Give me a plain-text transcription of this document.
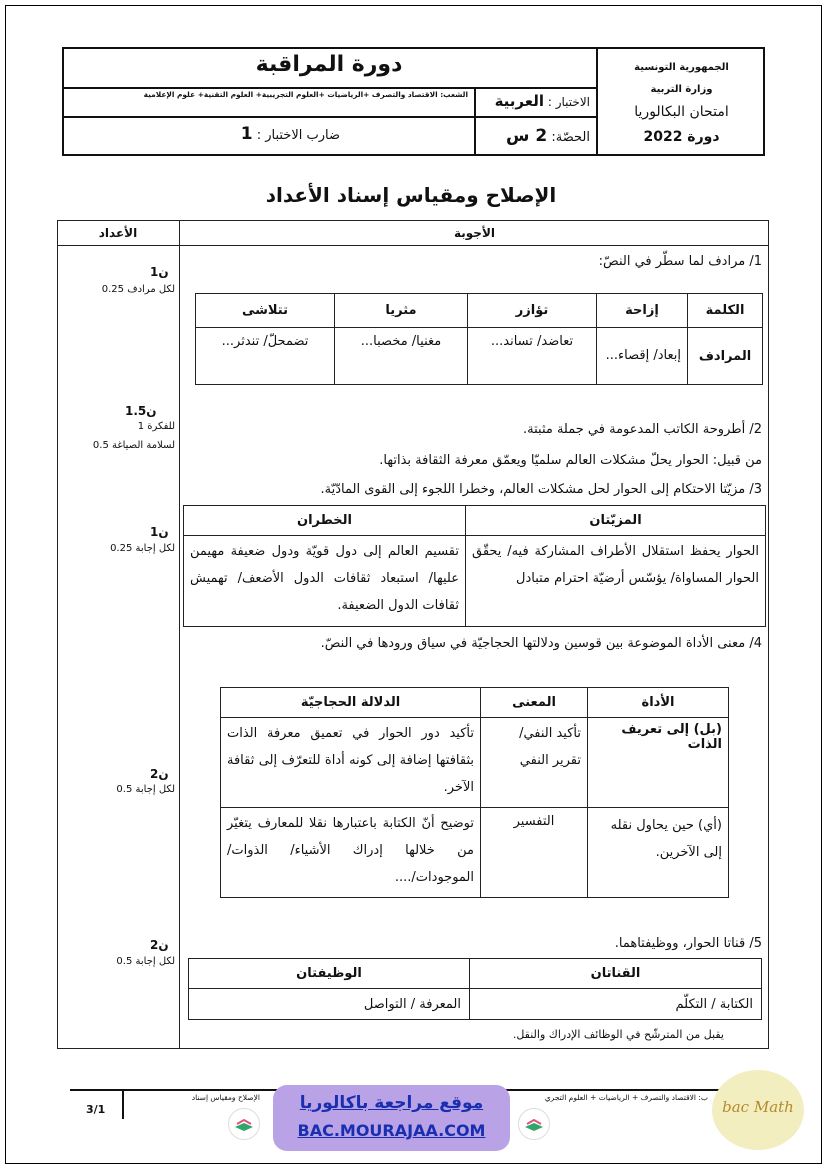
دورة المراقبة	الجمهورية التونسية
وزارة التربية
امتحان البكالوريا
دورة 2022
الشعب: الاقتصاد والتصرف +الرياضيات +العلوم التجريبية+ العلوم التقنية+ علوم الإعلامية
الاختبار : العربية
الحصّة: 2 س
ضارب الاختبار : 1
الإصلاح ومقياس إسناد الأعداد
الأجوبة
الأعداد
1/ مرادف لما سطّر في النصّ:
1ن
0.25 لكل مرادف
الكلمة	إزاحة	تؤازر	مثريا	تتلاشى
المرادف	إبعاد/ إقصاء...	تعاضد/ تساند...	مغنيا/ مخصبا...	تضمحلّ/ تندثر...
1.5ن
1 للفكرة
0.5 لسلامة الصياغة
2/ أطروحة الكاتب المدعومة في جملة مثبتة.
من قبيل: الحوار يحلّ مشكلات العالم سلميّا ويعمّق معرفة الثقافة بذاتها.
3/ مزيّتا الاحتكام إلى الحوار لحل مشكلات العالم، وخطرا اللجوء إلى القوى المادّيّة.
1ن
0.25 لكل إجابة
المزيّتان	الخطران
الحوار يحفظ استقلال الأطراف المشاركة فيه/ يحقّق الحوار المساواة/ يؤسّس أرضيّة احترام متبادل	تقسيم العالم إلى دول قويّة ودول ضعيفة مهيمن عليها/ استبعاد ثقافات الدول الأضعف/ تهميش ثقافات الدول الضعيفة.
4/ معنى الأداة الموضوعة بين قوسين ودلالتها الحجاجيّة في سياق ورودها في النصّ.
2ن
0.5 لكل إجابة
الأداة	المعنى	الدلالة الحجاجيّة
(بل) إلى تعريف الذات	تأكيد النفي/ تقرير النفي	تأكيد دور الحوار في تعميق معرفة الذات بثقافتها إضافة إلى كونه أداة للتعرّف إلى ثقافة الآخر.
(أي) حين يحاول نقله إلى الآخرين.	التفسير	توضيح أنّ الكتابة باعتبارها نقلا للمعارف يتغيّر من خلالها إدراك الأشياء/ الذوات/ الموجودات/....
2ن
0.5 لكل إجابة
5/ قناتا الحوار، ووظيفتاهما.
القناتان	الوظيفتان
الكتابة / التكلّم	المعرفة / التواصل
يقبل من المترشّح في الوظائف الإدراك والنقل.
3/1
ب: الاقتصاد والتصرف + الرياضيات + العلوم التجري
الإصلاح ومقياس إسناد	موقع مراجعة باكالوريا
BAC.MOURAJAA.COM
bac Math
